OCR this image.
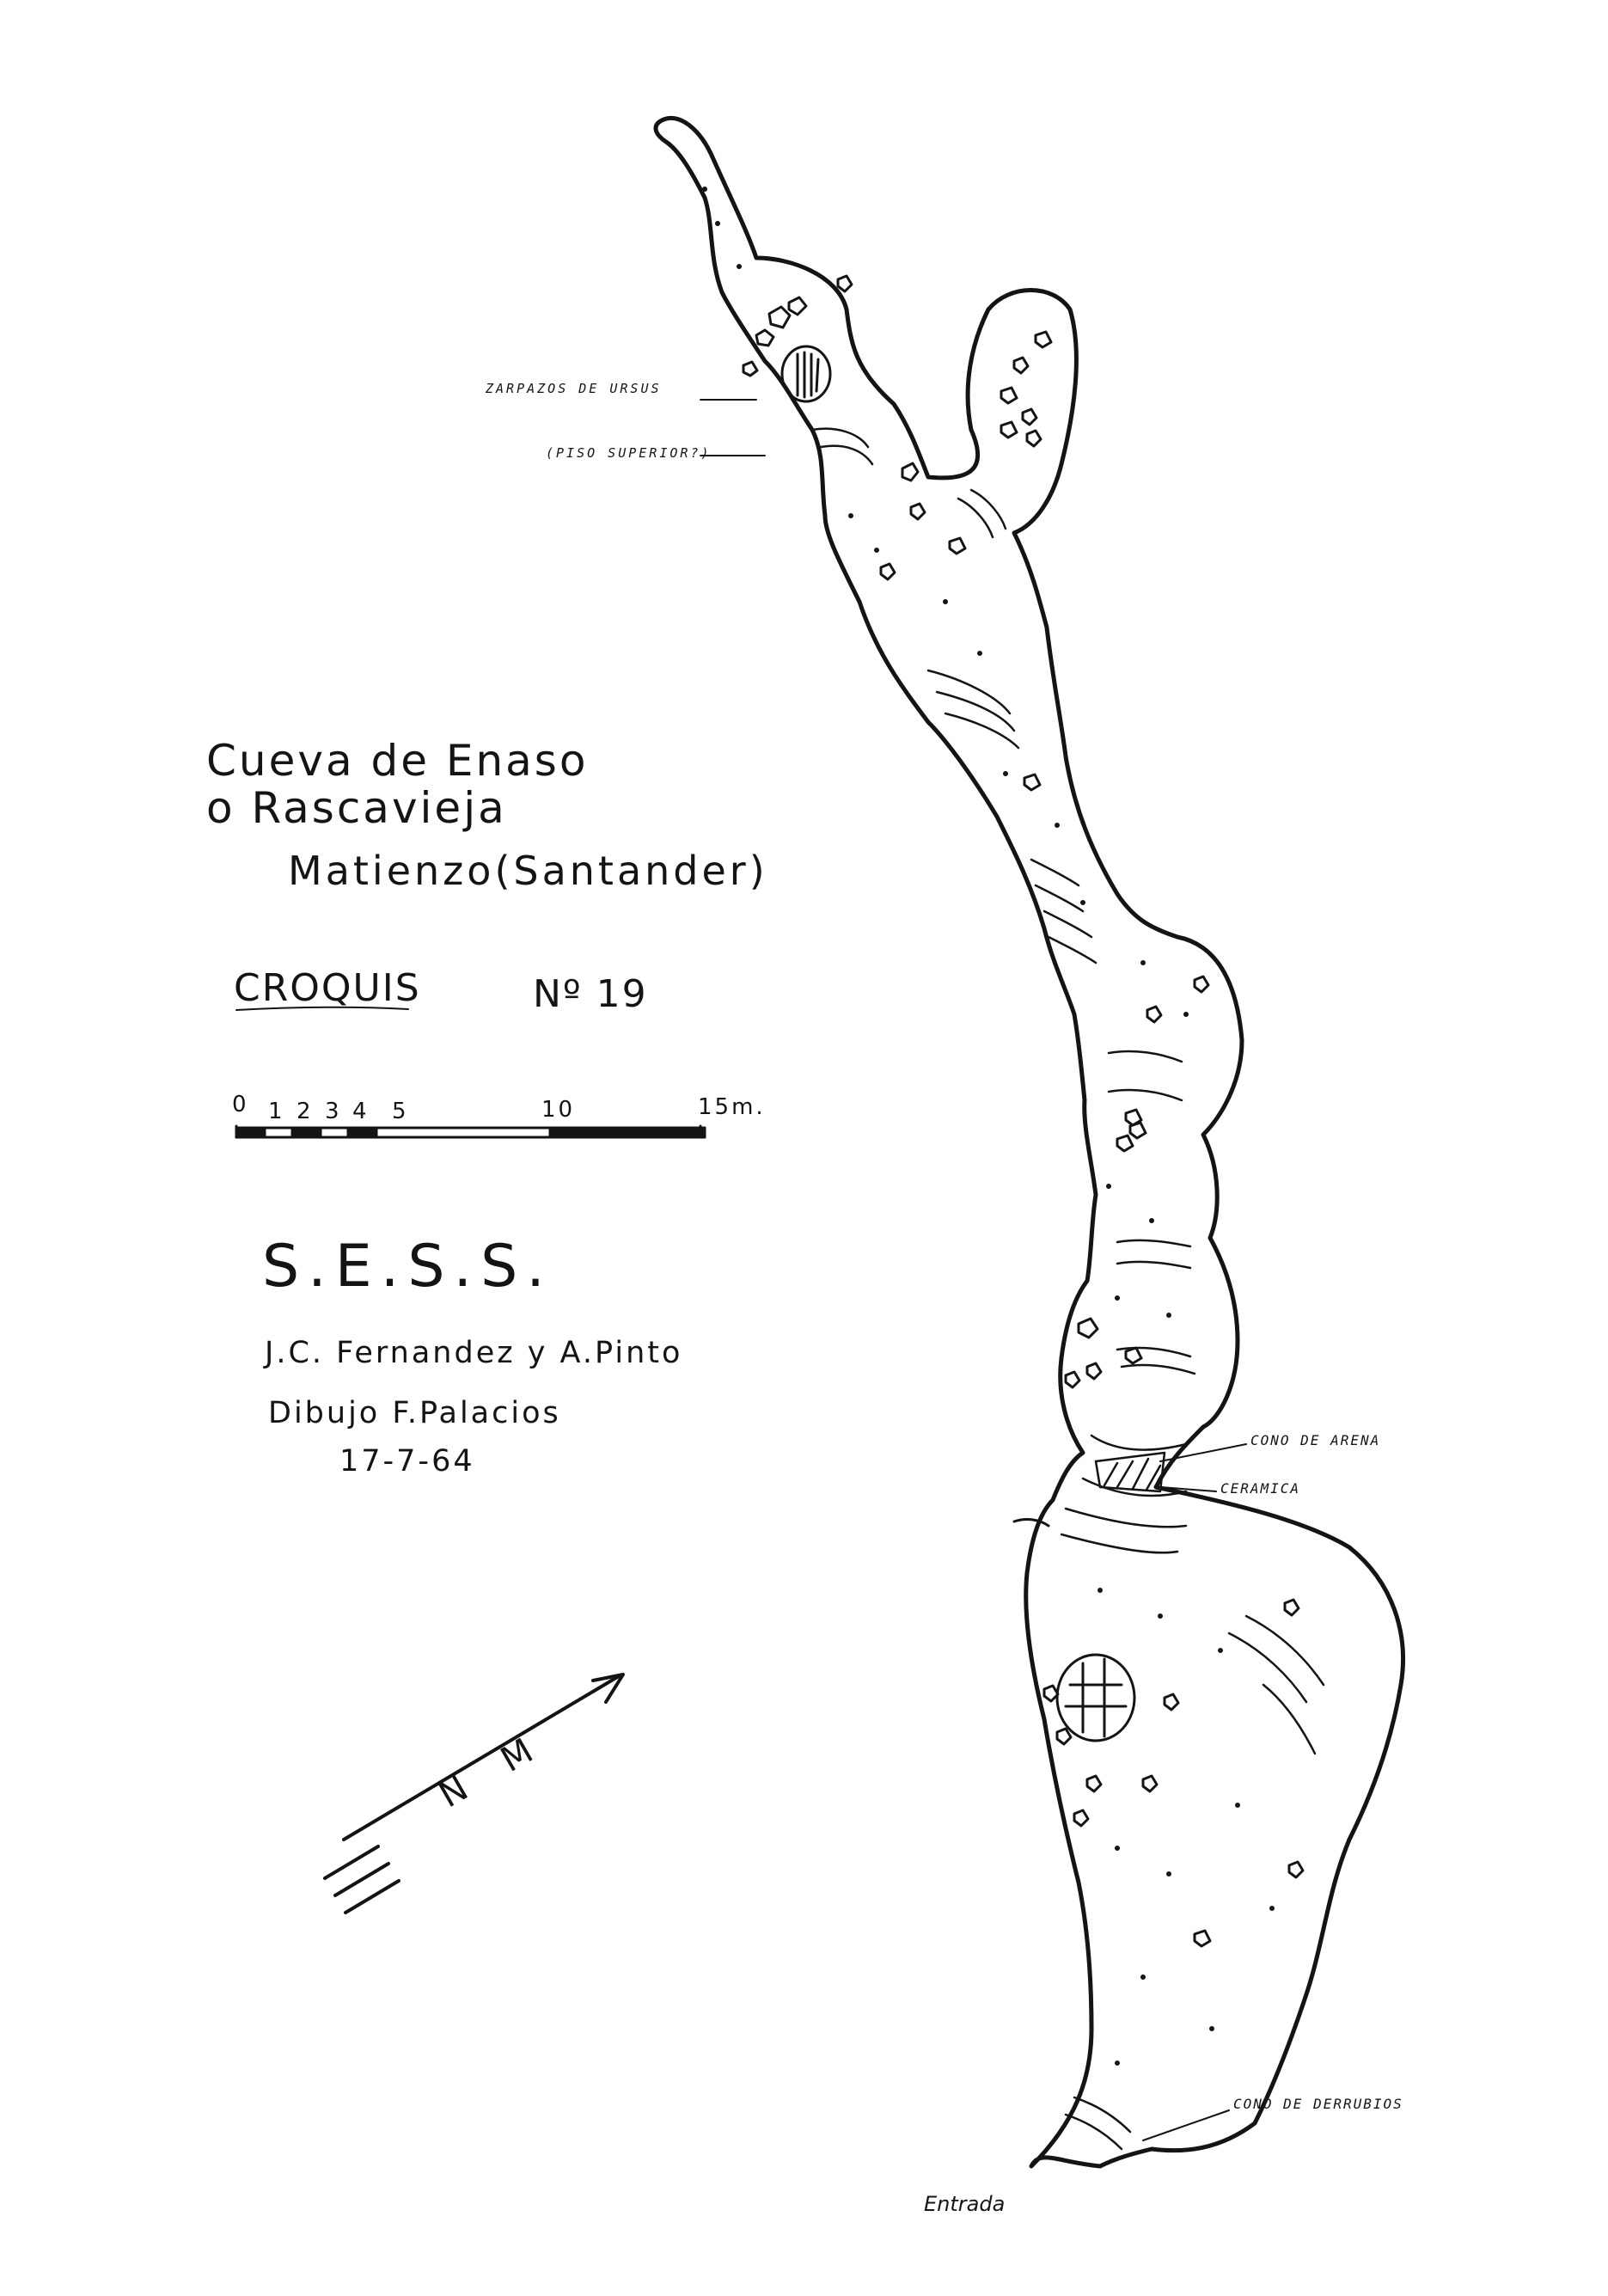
Cueva de Enaso
o Rascavieja
Matienzo(Santander)
CROQUIS	Nº 19
0 1 2 3 4 5	10	15m.
S.E.S.S.
J.C. Fernandez y A.Pinto
Dibujo F.Palacios
17-7-64
N M
ZARPAZOS DE URSUS
(PISO SUPERIOR?)
CONO DE ARENA
CERAMICA
CONO DE DERRUBIOS
Entrada
